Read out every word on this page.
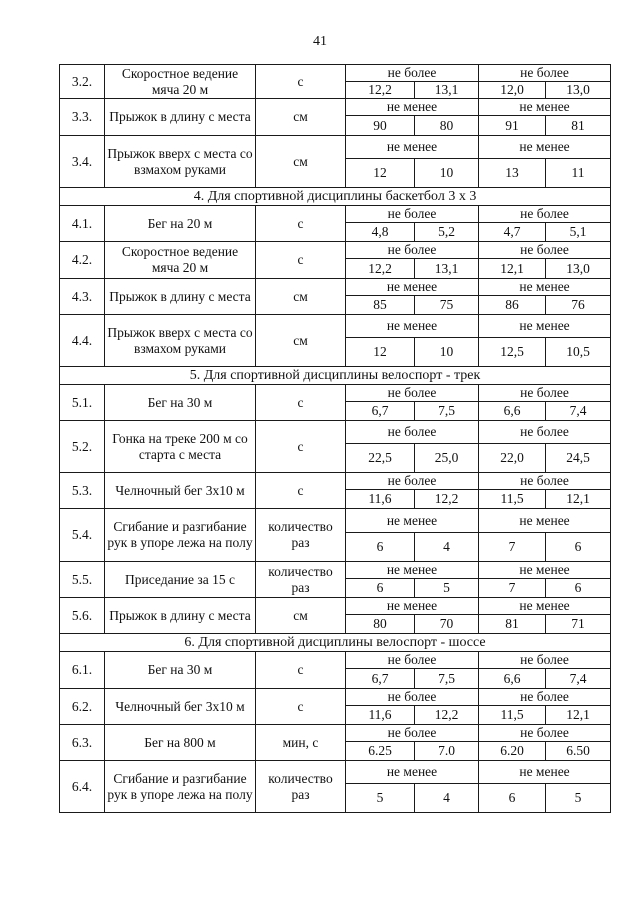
41
3.2.	Скоростное ведение мяча 20 м	с	не более		не более	
			12,2	13,1	12,0	13,0
3.3.	Прыжок в длину с места	см	не менее		не менее	
			90	80	91	81
3.4.	Прыжок вверх с места со взмахом руками	см	не менее		не менее	
			12	10	13	11
4. Для спортивной дисциплины баскетбол 3 х 3						
4.1.	Бег на 20 м	с	не более		не более	
			4,8	5,2	4,7	5,1
4.2.	Скоростное ведение мяча 20 м	с	не более		не более	
			12,2	13,1	12,1	13,0
4.3.	Прыжок в длину с места	см	не менее		не менее	
			85	75	86	76
4.4.	Прыжок вверх с места со взмахом руками	см	не менее		не менее	
			12	10	12,5	10,5
5. Для спортивной дисциплины велоспорт - трек						
5.1.	Бег на 30 м	с	не более		не более	
			6,7	7,5	6,6	7,4
5.2.	Гонка на треке 200 м со старта с места	с	не более		не более	
			22,5	25,0	22,0	24,5
5.3.	Челночный бег 3х10 м	с	не более		не более	
			11,6	12,2	11,5	12,1
5.4.	Сгибание и разгибание рук в упоре лежа на полу	количество раз	не менее		не менее	
			6	4	7	6
5.5.	Приседание за 15 с	количество раз	не менее		не менее	
			6	5	7	6
5.6.	Прыжок в длину с места	см	не менее		не менее	
			80	70	81	71
6. Для спортивной дисциплины велоспорт - шоссе						
6.1.	Бег на 30 м	с	не более		не более	
			6,7	7,5	6,6	7,4
6.2.	Челночный бег 3х10 м	с	не более		не более	
			11,6	12,2	11,5	12,1
6.3.	Бег на 800 м	мин, с	не более		не более	
			6.25	7.0	6.20	6.50
6.4.	Сгибание и разгибание рук в упоре лежа на полу	количество раз	не менее		не менее	
			5	4	6	5
